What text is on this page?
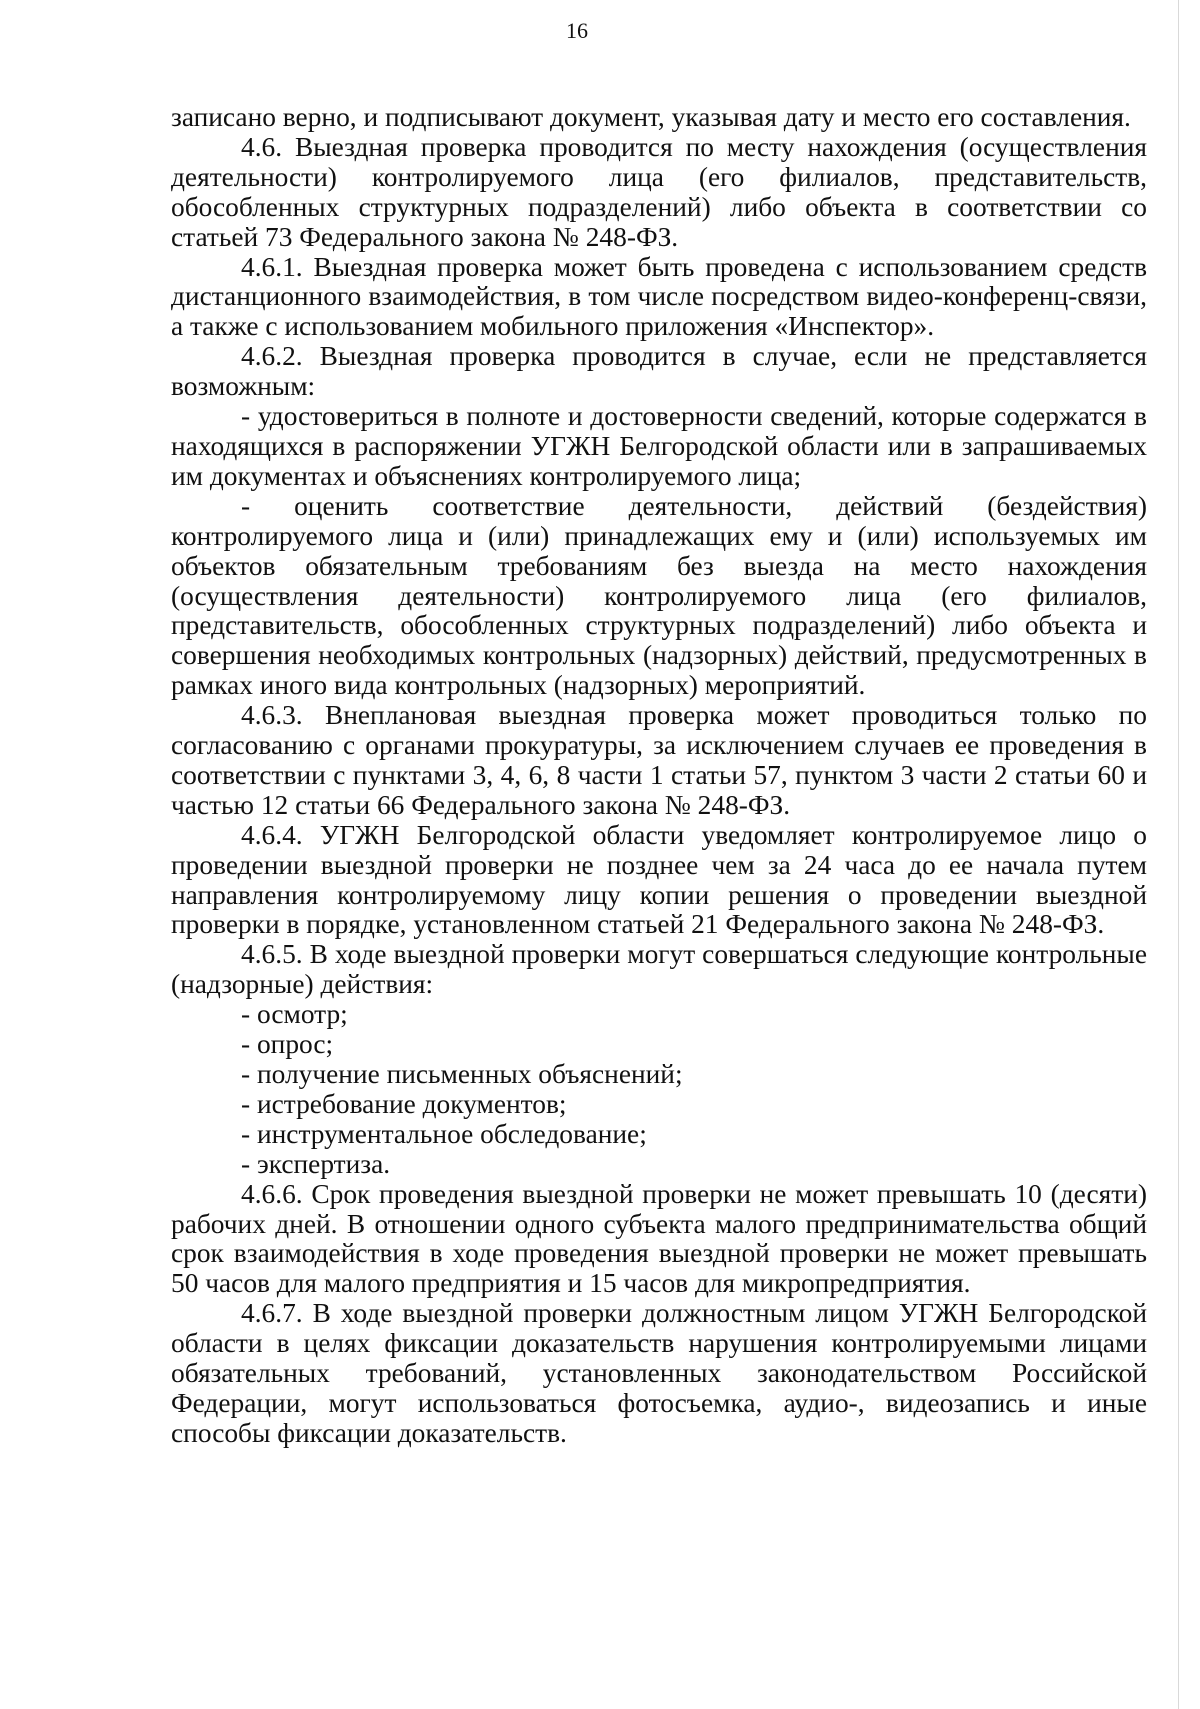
16

записано верно, и подписывают документ, указывая дату и место его составления.

4.6. Выездная проверка проводится по месту нахождения (осуществления деятельности) контролируемого лица (его филиалов, представительств, обособленных структурных подразделений) либо объекта в соответствии со статьей 73 Федерального закона № 248-ФЗ.

4.6.1. Выездная проверка может быть проведена с использованием средств дистанционного взаимодействия, в том числе посредством видео-конференц-связи, а также с использованием мобильного приложения «Инспектор».

4.6.2. Выездная проверка проводится в случае, если не представляется возможным:

- удостовериться в полноте и достоверности сведений, которые содержатся в находящихся в распоряжении УГЖН Белгородской области или в запрашиваемых им документах и объяснениях контролируемого лица;

- оценить соответствие деятельности, действий (бездействия) контролируемого лица и (или) принадлежащих ему и (или) используемых им объектов обязательным требованиям без выезда на место нахождения (осуществления деятельности) контролируемого лица (его филиалов, представительств, обособленных структурных подразделений) либо объекта и совершения необходимых контрольных (надзорных) действий, предусмотренных в рамках иного вида контрольных (надзорных) мероприятий.

4.6.3. Внеплановая выездная проверка может проводиться только по согласованию с органами прокуратуры, за исключением случаев ее проведения в соответствии с пунктами 3, 4, 6, 8 части 1 статьи 57, пунктом 3 части 2 статьи 60 и частью 12 статьи 66 Федерального закона № 248-ФЗ.

4.6.4. УГЖН Белгородской области уведомляет контролируемое лицо о проведении выездной проверки не позднее чем за 24 часа до ее начала путем направления контролируемому лицу копии решения о проведении выездной проверки в порядке, установленном статьей 21 Федерального закона № 248-ФЗ.

4.6.5. В ходе выездной проверки могут совершаться следующие контрольные (надзорные) действия:

- осмотр;

- опрос;

- получение письменных объяснений;

- истребование документов;

- инструментальное обследование;

- экспертиза.

4.6.6. Срок проведения выездной проверки не может превышать 10 (десяти) рабочих дней. В отношении одного субъекта малого предпринимательства общий срок взаимодействия в ходе проведения выездной проверки не может превышать 50 часов для малого предприятия и 15 часов для микропредприятия.

4.6.7. В ходе выездной проверки должностным лицом УГЖН Белгородской области в целях фиксации доказательств нарушения контролируемыми лицами обязательных требований, установленных законодательством Российской Федерации, могут использоваться фотосъемка, аудио-, видеозапись и иные способы фиксации доказательств.
